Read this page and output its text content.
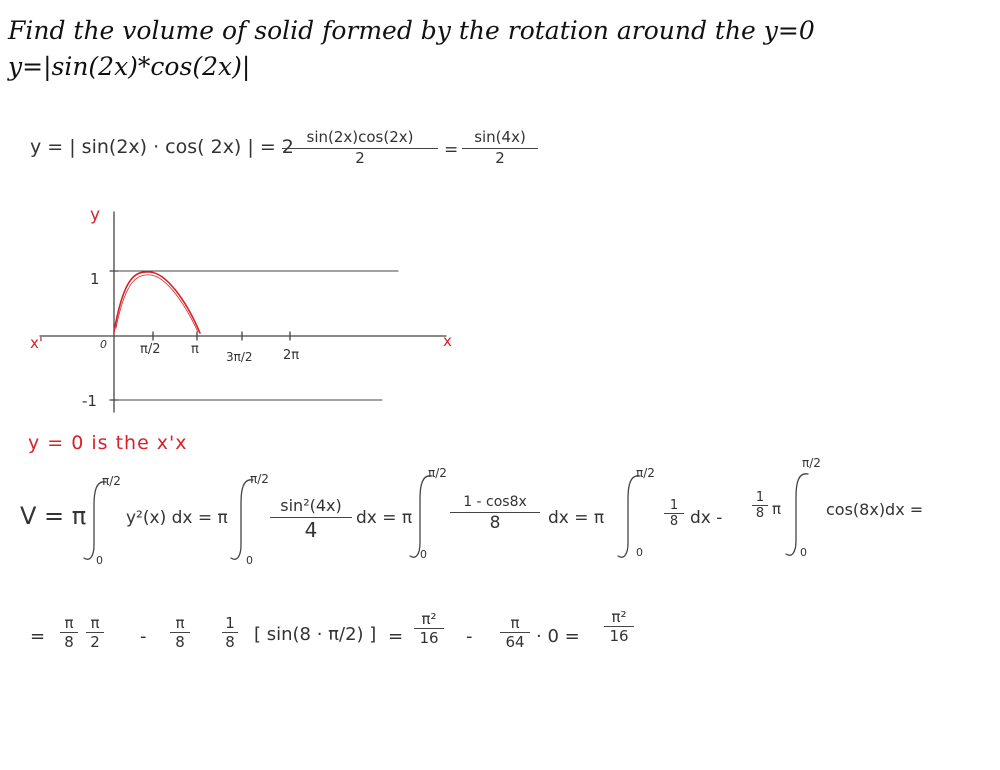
Find the volume of solid formed by the rotation around the y=0
y=|sin(2x)*cos(2x)|
y = | sin(2x) · cos( 2x) | = 2
$\frac{\sin(2x)\cos(2x)}{2} = \frac{\sin(4x)}{2}$
y
x
x'	0
1
-1
π/2 π 3π/2 2π
y = 0 is the x'x
V = π
π/2
0
y²(x) dx = π
π/2
0
sin²(4x)
4	dx = π
π/2
0
1 - cos8x
8	dx = π
π/2
0
$\frac{1}{8}$ dx - $\frac{1}{8}$ π
π/2
0
cos(8x)dx =
= $\frac{\pi}{8} \frac{\pi}{2} - \frac{\pi}{8} \frac{1}{8}$ [ sin(8 · π/2) ] = $\frac{\text{π²}}{16} - \frac{\pi}{64} \cdot 0 = \frac{\text{π²}}{16}$
